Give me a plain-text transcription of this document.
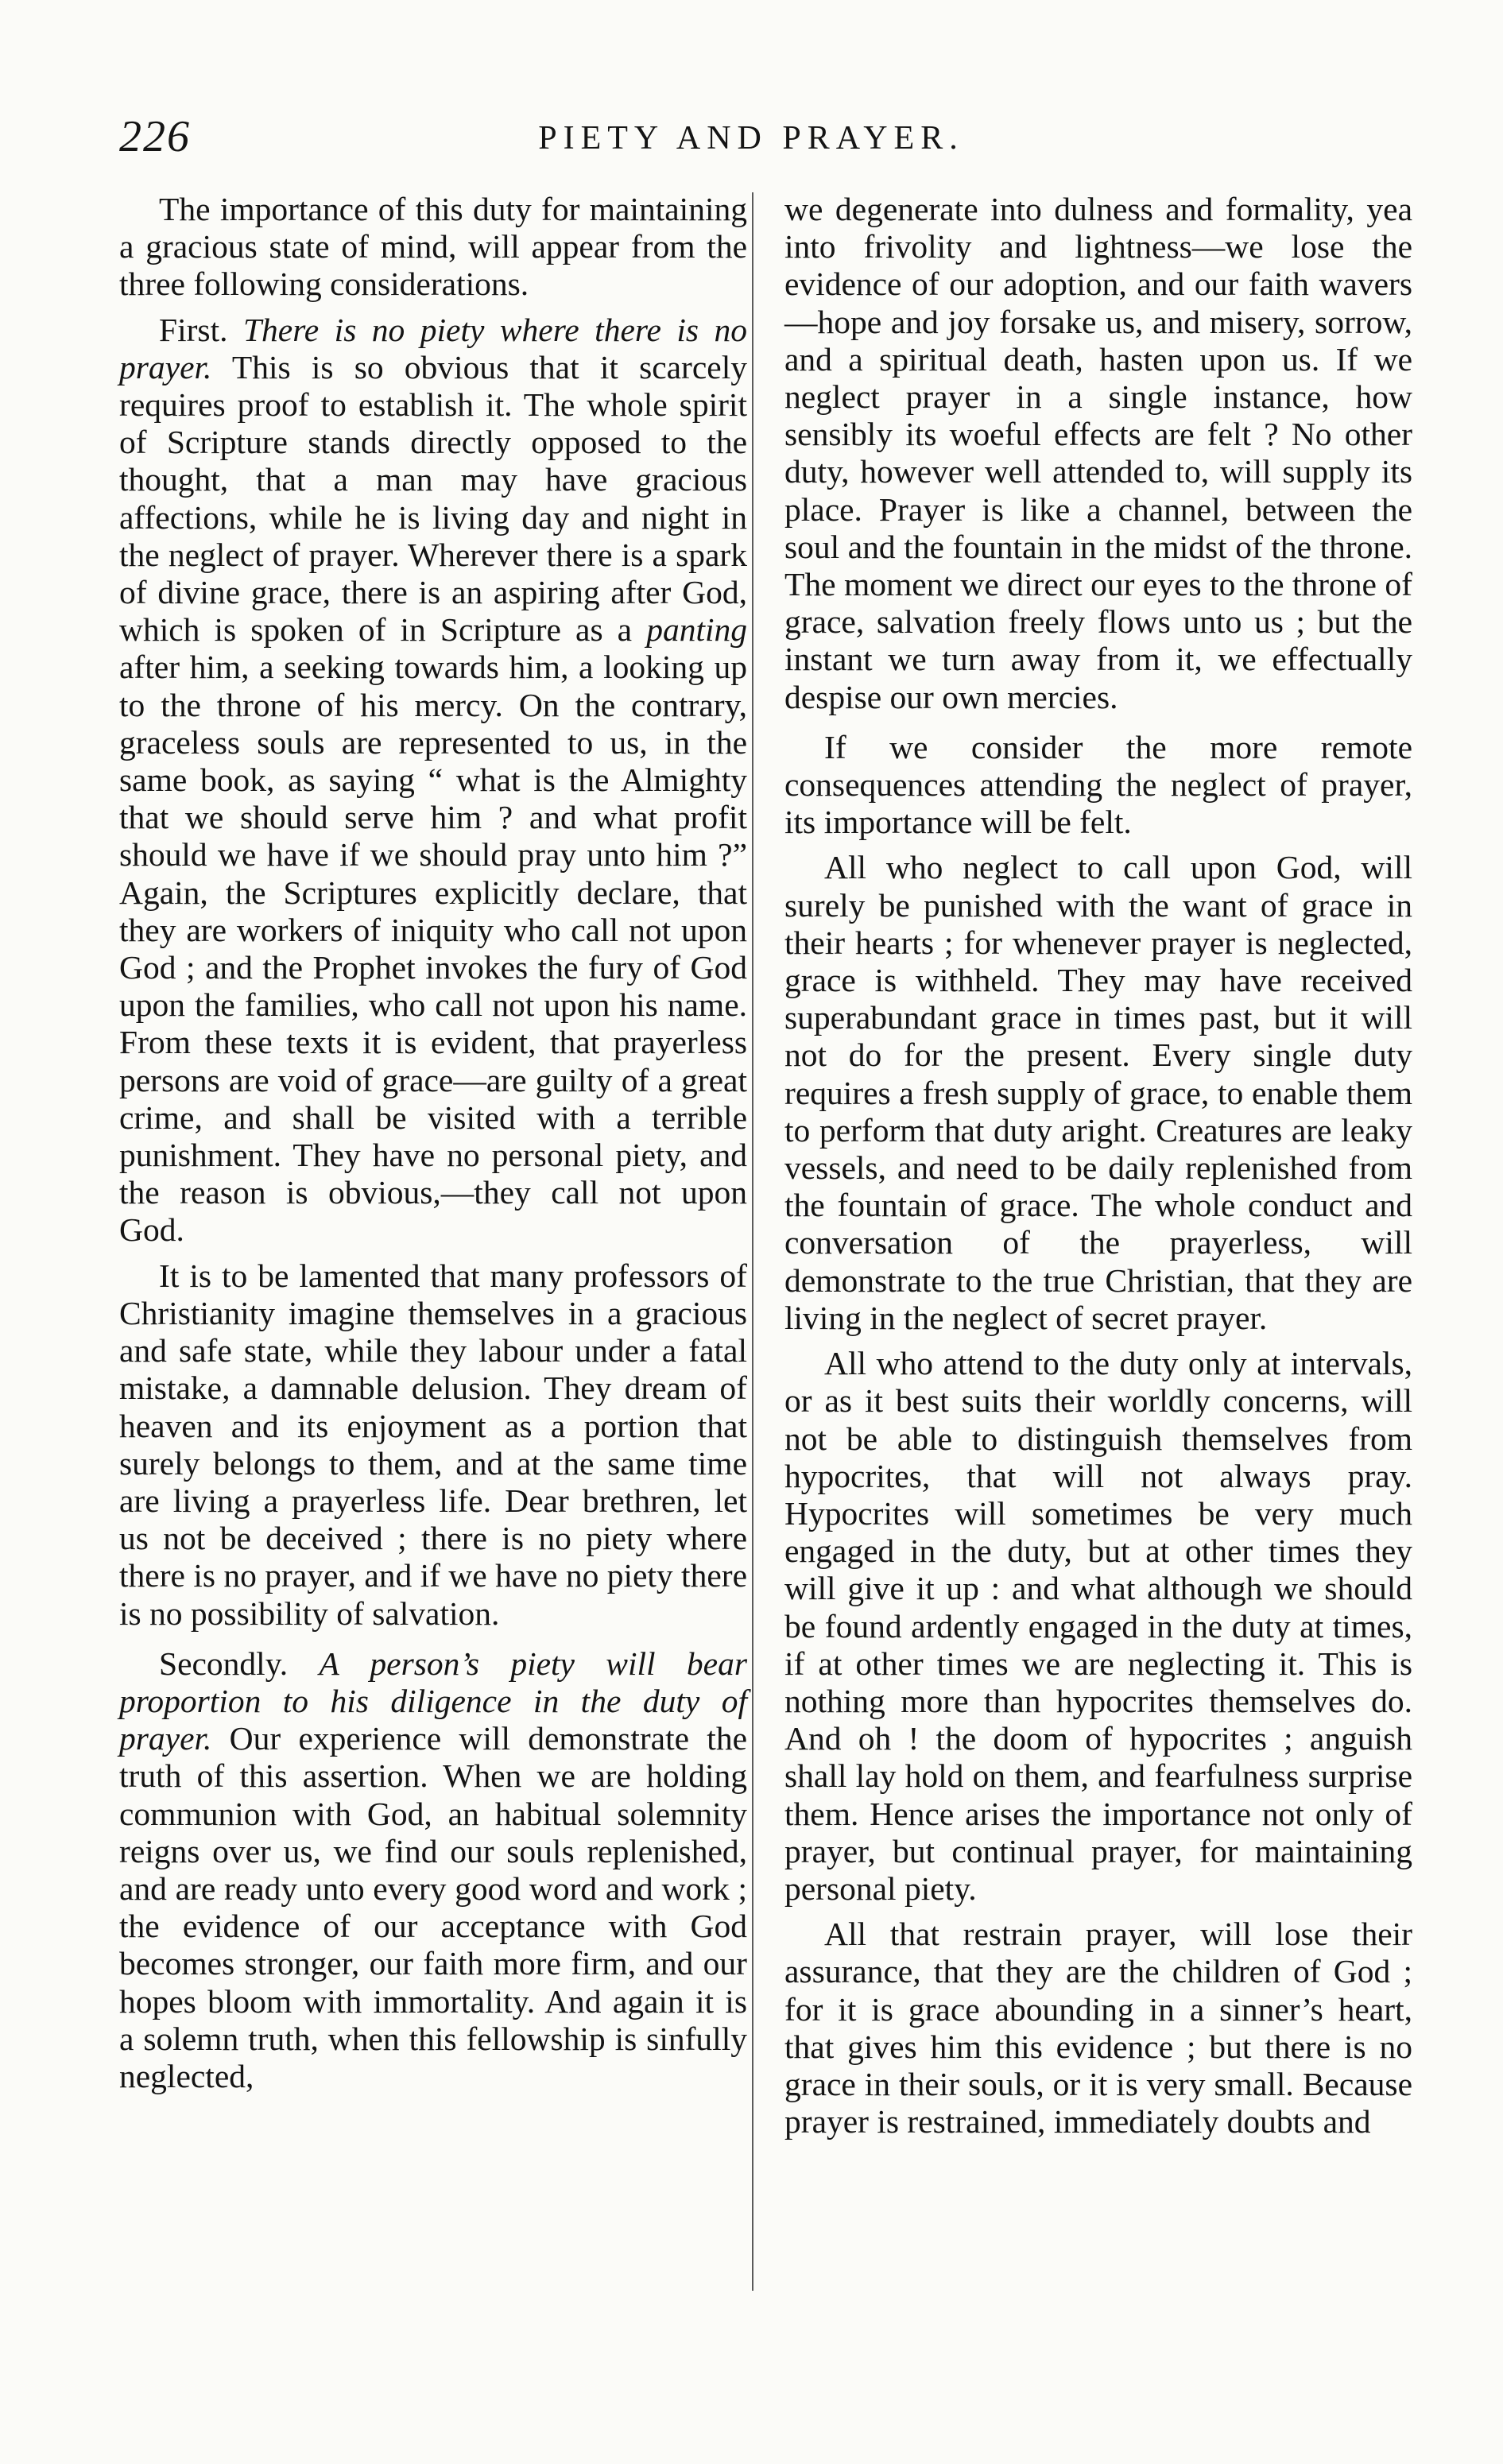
226	PIETY AND PRAYER.

The importance of this duty for maintaining a gracious state of mind, will appear from the three following considerations.

First. There is no piety where there is no prayer. This is so obvious that it scarcely requires proof to establish it. The whole spirit of Scripture stands directly opposed to the thought, that a man may have gracious affections, while he is living day and night in the neglect of prayer. Wherever there is a spark of divine grace, there is an aspiring after God, which is spoken of in Scripture as a panting after him, a seeking towards him, a looking up to the throne of his mercy. On the contrary, graceless souls are represented to us, in the same book, as saying “ what is the Almighty that we should serve him ? and what profit should we have if we should pray unto him ?” Again, the Scriptures explicitly declare, that they are workers of iniquity who call not upon God ; and the Prophet invokes the fury of God upon the families, who call not upon his name. From these texts it is evident, that prayerless persons are void of grace—are guilty of a great crime, and shall be visited with a terrible punishment. They have no personal piety, and the reason is obvious,—they call not upon God.

It is to be lamented that many professors of Christianity imagine themselves in a gracious and safe state, while they labour under a fatal mistake, a damnable delusion. They dream of heaven and its enjoyment as a portion that surely belongs to them, and at the same time are living a prayerless life. Dear brethren, let us not be deceived ; there is no piety where there is no prayer, and if we have no piety there is no possibility of salvation.

Secondly. A person’s piety will bear proportion to his diligence in the duty of prayer. Our experience will demonstrate the truth of this assertion. When we are holding communion with God, an habitual solemnity reigns over us, we find our souls replenished, and are ready unto every good word and work ; the evidence of our acceptance with God becomes stronger, our faith more firm, and our hopes bloom with immortality. And again it is a solemn truth, when this fellowship is sinfully neglected,

we degenerate into dulness and formality, yea into frivolity and lightness—we lose the evidence of our adoption, and our faith wavers—hope and joy forsake us, and misery, sorrow, and a spiritual death, hasten upon us. If we neglect prayer in a single instance, how sensibly its woeful effects are felt ? No other duty, however well attended to, will supply its place. Prayer is like a channel, between the soul and the fountain in the midst of the throne. The moment we direct our eyes to the throne of grace, salvation freely flows unto us ; but the instant we turn away from it, we effectually despise our own mercies.

If we consider the more remote consequences attending the neglect of prayer, its importance will be felt.

All who neglect to call upon God, will surely be punished with the want of grace in their hearts ; for whenever prayer is neglected, grace is withheld. They may have received superabundant grace in times past, but it will not do for the present. Every single duty requires a fresh supply of grace, to enable them to perform that duty aright. Creatures are leaky vessels, and need to be daily replenished from the fountain of grace. The whole conduct and conversation of the prayerless, will demonstrate to the true Christian, that they are living in the neglect of secret prayer.

All who attend to the duty only at intervals, or as it best suits their worldly concerns, will not be able to distinguish themselves from hypocrites, that will not always pray. Hypocrites will sometimes be very much engaged in the duty, but at other times they will give it up : and what although we should be found ardently engaged in the duty at times, if at other times we are neglecting it. This is nothing more than hypocrites themselves do. And oh ! the doom of hypocrites ; anguish shall lay hold on them, and fearfulness surprise them. Hence arises the importance not only of prayer, but continual prayer, for maintaining personal piety.

All that restrain prayer, will lose their assurance, that they are the children of God ; for it is grace abounding in a sinner’s heart, that gives him this evidence ; but there is no grace in their souls, or it is very small. Because prayer is restrained, immediately doubts and
